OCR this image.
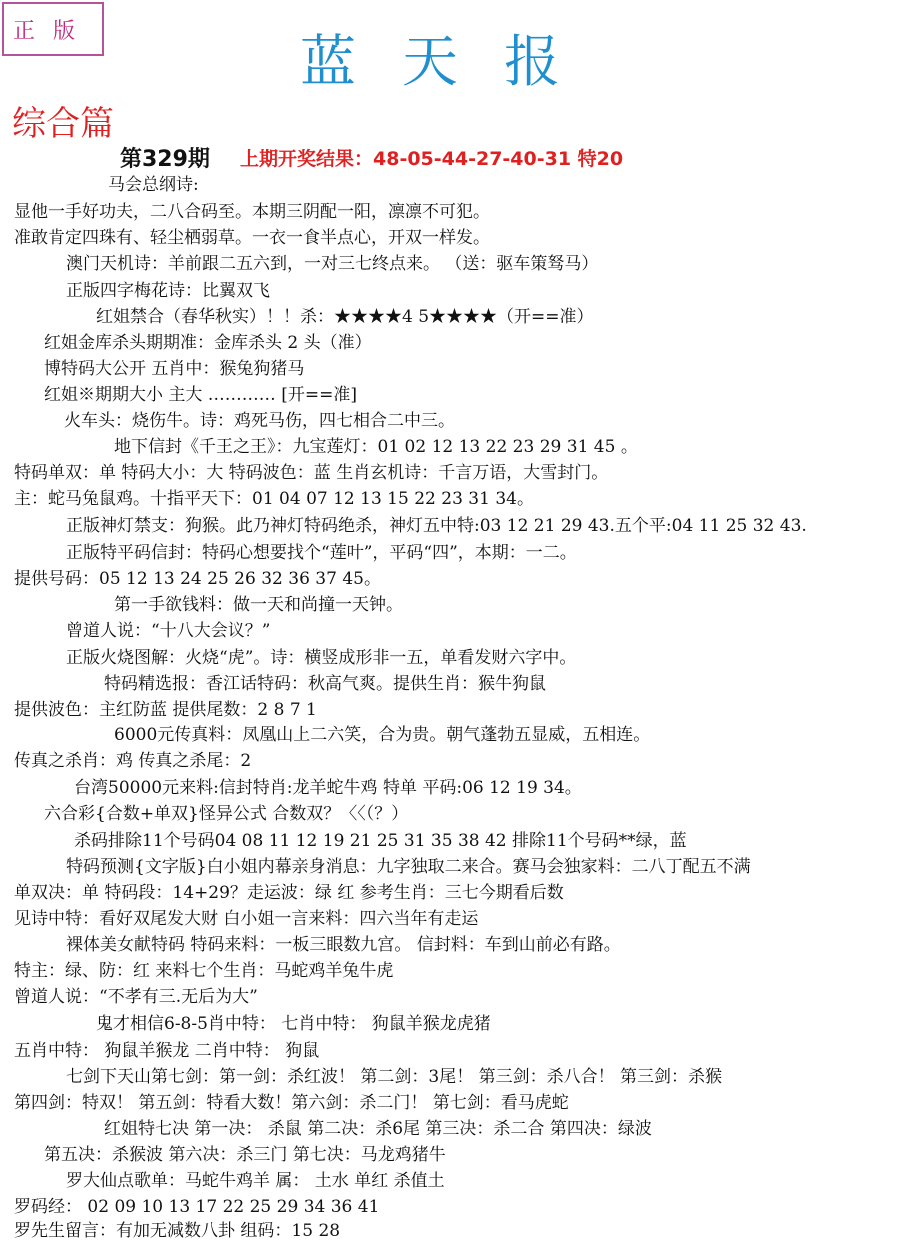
正版	蓝天报
综合篇
第329期 上期开奖结果：48-05-44-27-40-31 特20
马会总纲诗:
显他一手好功夫，二八合码至。本期三阴配一阳，凛凛不可犯。
准敢肯定四珠有、轻尘栖弱草。一衣一食半点心，开双一样发。
澳门天机诗：羊前跟二五六到，一对三七终点来。 （送：驱车策驽马）
正版四字梅花诗：比翼双飞
红姐禁合（春华秋实）！！杀：★★★★4 5★★★★（开==准）
红姐金库杀头期期准：金库杀头 2 头（准）
博特码大公开 五肖中：猴兔狗猪马
红姐※期期大小 主大 ………… [开==准]
火车头：烧伤牛。诗：鸡死马伤，四七相合二中三。
地下信封《千王之王》：九宝莲灯：01 02 12 13 22 23 29 31 45 。
特码单双：单 特码大小：大 特码波色：蓝 生肖玄机诗：千言万语，大雪封门。
主：蛇马兔鼠鸡。十指平天下：01 04 07 12 13 15 22 23 31 34。
正版神灯禁支：狗猴。此乃神灯特码绝杀，神灯五中特:03 12 21 29 43.五个平:04 11 25 32 43.
正版特平码信封：特码心想要找个“莲叶”，平码“四”，本期：一二。
提供号码：05 12 13 24 25 26 32 36 37 45。
第一手欲钱料：做一天和尚撞一天钟。
曾道人说：“十八大会议？”
正版火烧图解：火烧“虎”。诗：横竖成形非一五，单看发财六字中。
特码精选报：香江话特码：秋高气爽。提供生肖：猴牛狗鼠
提供波色：主红防蓝 提供尾数：2 8 7 1
6000元传真料：凤凰山上二六笑，合为贵。朝气蓬勃五显威，五相连。
传真之杀肖：鸡 传真之杀尾：2
台湾50000元来料:信封特肖:龙羊蛇牛鸡 特单 平码:06 12 19 34。
六合彩{合数+单双}怪异公式 合数双？〈〈（？）
杀码排除11个号码04 08 11 12 19 21 25 31 35 38 42 排除11个号码**绿，蓝
特码预测{文字版}白小姐内幕亲身消息：九字独取二来合。赛马会独家料：二八丁配五不满
单双决：单 特码段：14+29？走运波：绿 红 参考生肖：三七今期看后数
见诗中特：看好双尾发大财 白小姐一言来料：四六当年有走运
裸体美女献特码 特码来料：一板三眼数九宫。 信封料：车到山前必有路。
特主：绿、防：红 来料七个生肖：马蛇鸡羊兔牛虎
曾道人说：“不孝有三.无后为大”
鬼才相信6-8-5肖中特： 七肖中特： 狗鼠羊猴龙虎猪
五肖中特： 狗鼠羊猴龙 二肖中特： 狗鼠
七剑下天山第七剑：第一剑：杀红波！ 第二剑：3尾！ 第三剑：杀八合！ 第三剑：杀猴
第四剑：特双！ 第五剑：特看大数！第六剑：杀二门！ 第七剑：看马虎蛇
红姐特七决 第一决： 杀鼠 第二决：杀6尾 第三决：杀二合 第四决：绿波
第五决：杀猴波 第六决：杀三门 第七决：马龙鸡猪牛
罗大仙点歌单：马蛇牛鸡羊 属： 土水 单红 杀值土
罗码经： 02 09 10 13 17 22 25 29 34 36 41
罗先生留言：有加无减数八卦 组码：15 28
